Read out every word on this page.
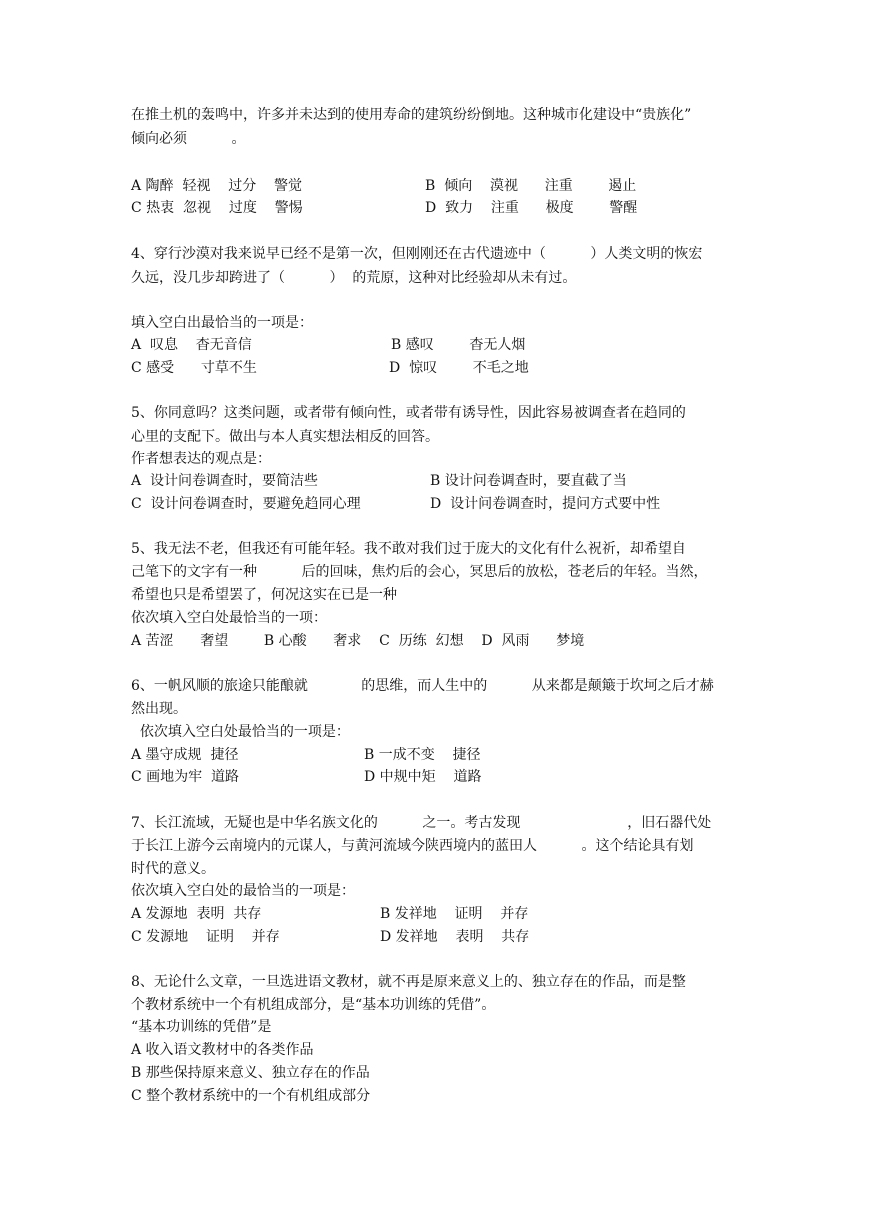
在推土机的轰鸣中，许多并未达到的使用寿命的建筑纷纷倒地。这种城市化建设中“贵族化”
倾向必须          。
A 陶醉  轻视    过分    警觉	B  倾向    漠视      注重        遏止
C 热衷  忽视    过度    警惕	D  致力    注重      极度        警醒
4、穿行沙漠对我来说早已经不是第一次，但刚刚还在古代遗迹中（          ）人类文明的恢宏
久远，没几步却跨进了（          ）  的荒原，这种对比经验却从未有过。
填入空白出最恰当的一项是：
A  叹息    杳无音信	B 感叹        杳无人烟
C 感受      寸草不生	D  惊叹        不毛之地
5、你同意吗？这类问题，或者带有倾向性，或者带有诱导性，因此容易被调查者在趋同的
心里的支配下。做出与本人真实想法相反的回答。
作者想表达的观点是：
A  设计问卷调查时，要简洁些	B 设计问卷调查时，要直截了当
C  设计问卷调查时，要避免趋同心理	D  设计问卷调查时，提问方式要中性
5、我无法不老，但我还有可能年轻。我不敢对我们过于庞大的文化有什么祝祈，却希望自
己笔下的文字有一种          后的回味，焦灼后的会心，冥思后的放松，苍老后的年轻。当然，
希望也只是希望罢了，何况这实在已是一种
依次填入空白处最恰当的一项：
A 苦涩      奢望        B 心酸      奢求    C  历练  幻想    D  风雨      梦境
6、一帆风顺的旅途只能酿就            的思维，而人生中的          从来都是颠簸于坎坷之后才赫
然出现。
依次填入空白处最恰当的一项是：
A 墨守成规  捷径	B 一成不变    捷径
C 画地为牢  道路	D 中规中矩    道路
7、长江流域，无疑也是中华名族文化的          之一。考古发现                        ，旧石器代处
于长江上游今云南境内的元谋人，与黄河流域今陕西境内的蓝田人          。这个结论具有划
时代的意义。
依次填入空白处的最恰当的一项是：
A 发源地  表明  共存	B 发祥地    证明    并存
C 发源地    证明    并存	D 发祥地    表明    共存
8、无论什么文章，一旦选进语文教材，就不再是原来意义上的、独立存在的作品，而是整
个教材系统中一个有机组成部分，是“基本功训练的凭借”。
“基本功训练的凭借”是
A 收入语文教材中的各类作品
B 那些保持原来意义、独立存在的作品
C 整个教材系统中的一个有机组成部分
